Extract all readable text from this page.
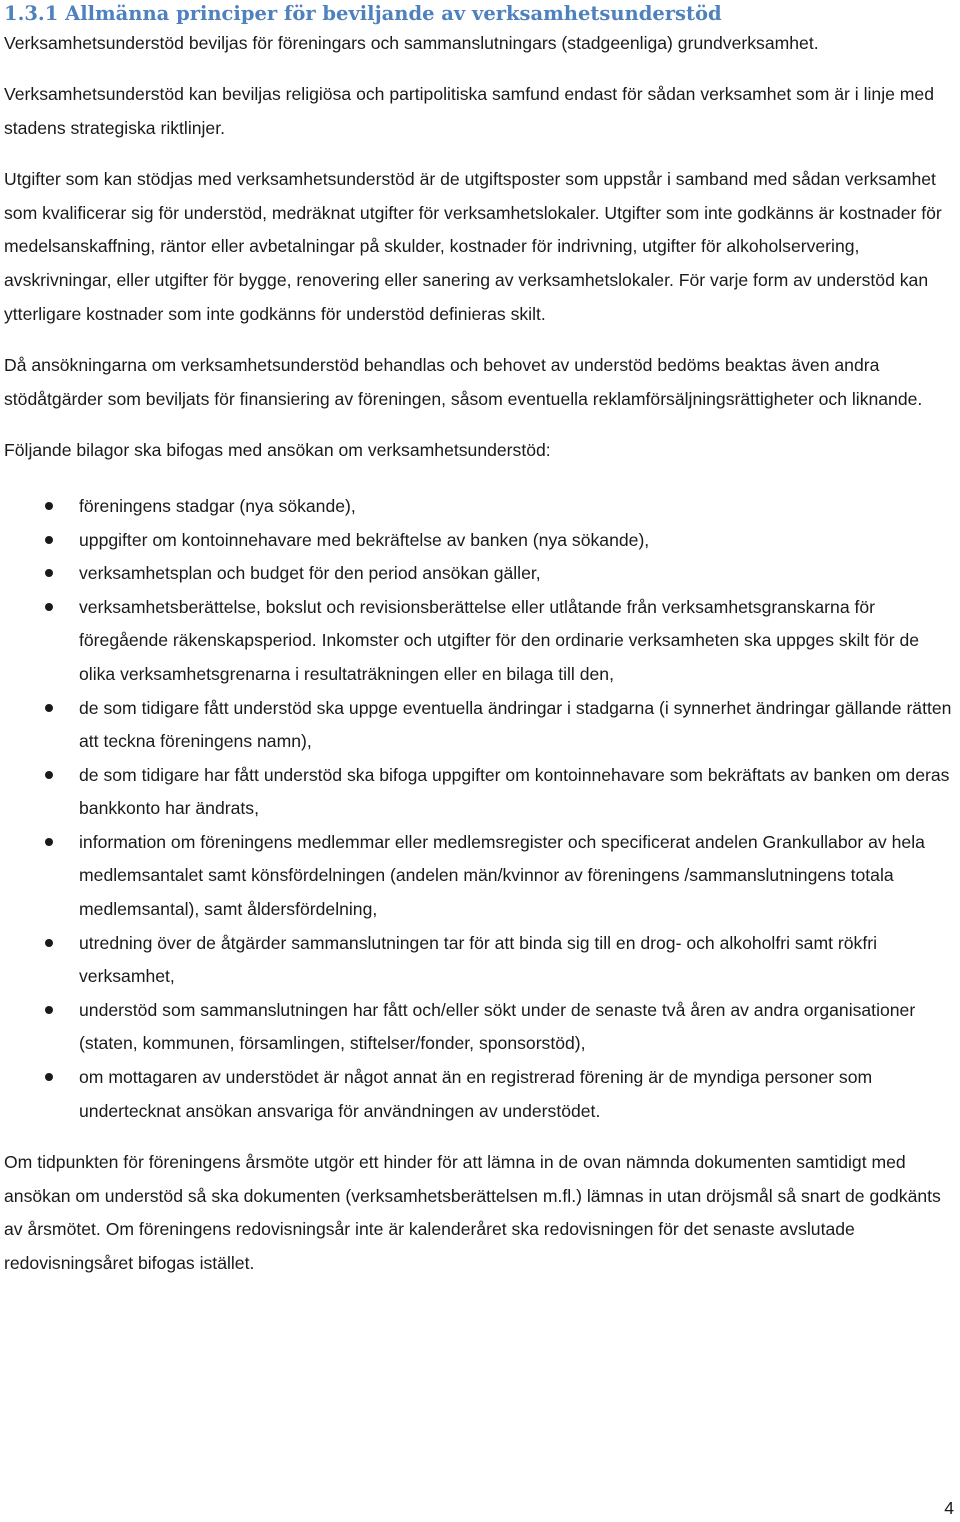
1.3.1 Allmänna principer för beviljande av verksamhetsunderstöd

Verksamhetsunderstöd beviljas för föreningars och sammanslutningars (stadgeenliga) grundverksamhet.

Verksamhetsunderstöd kan beviljas religiösa och partipolitiska samfund endast för sådan verksamhet som är i linje med stadens strategiska riktlinjer.

Utgifter som kan stödjas med verksamhetsunderstöd är de utgiftsposter som uppstår i samband med sådan verksamhet som kvalificerar sig för understöd, medräknat utgifter för verksamhetslokaler. Utgifter som inte godkänns är kostnader för medelsanskaffning, räntor eller avbetalningar på skulder, kostnader för indrivning, utgifter för alkoholservering, avskrivningar, eller utgifter för bygge, renovering eller sanering av verksamhetslokaler. För varje form av understöd kan ytterligare kostnader som inte godkänns för understöd definieras skilt.

Då ansökningarna om verksamhetsunderstöd behandlas och behovet av understöd bedöms beaktas även andra stödåtgärder som beviljats för finansiering av föreningen, såsom eventuella reklamförsäljningsrättigheter och liknande.

Följande bilagor ska bifogas med ansökan om verksamhetsunderstöd:

föreningens stadgar (nya sökande),
uppgifter om kontoinnehavare med bekräftelse av banken (nya sökande),
verksamhetsplan och budget för den period ansökan gäller,
verksamhetsberättelse, bokslut och revisionsberättelse eller utlåtande från verksamhetsgranskarna för föregående räkenskapsperiod. Inkomster och utgifter för den ordinarie verksamheten ska uppges skilt för de olika verksamhetsgrenarna i resultaträkningen eller en bilaga till den,
de som tidigare fått understöd ska uppge eventuella ändringar i stadgarna (i synnerhet ändringar gällande rätten att teckna föreningens namn),
de som tidigare har fått understöd ska bifoga uppgifter om kontoinnehavare som bekräftats av banken om deras bankkonto har ändrats,
information om föreningens medlemmar eller medlemsregister och specificerat andelen Grankullabor av hela medlemsantalet samt könsfördelningen (andelen män/kvinnor av föreningens /sammanslutningens totala medlemsantal), samt åldersfördelning,
utredning över de åtgärder sammanslutningen tar för att binda sig till en drog- och alkoholfri samt rökfri verksamhet,
understöd som sammanslutningen har fått och/eller sökt under de senaste två åren av andra organisationer (staten, kommunen, församlingen, stiftelser/fonder, sponsorstöd),
om mottagaren av understödet är något annat än en registrerad förening är de myndiga personer som undertecknat ansökan ansvariga för användningen av understödet.

Om tidpunkten för föreningens årsmöte utgör ett hinder för att lämna in de ovan nämnda dokumenten samtidigt med ansökan om understöd så ska dokumenten (verksamhetsberättelsen m.fl.) lämnas in utan dröjsmål så snart de godkänts av årsmötet. Om föreningens redovisningsår inte är kalenderåret ska redovisningen för det senaste avslutade redovisningsåret bifogas istället.

4
